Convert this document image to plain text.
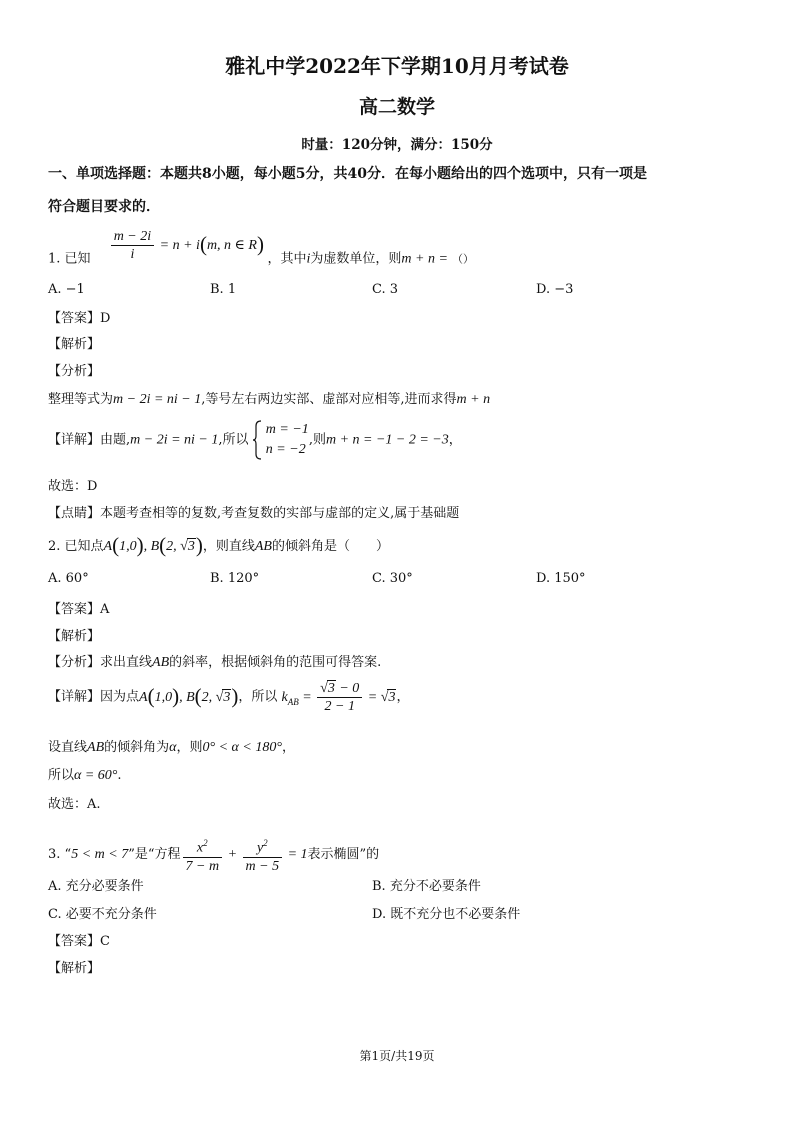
雅礼中学2022年下学期10月月考试卷
高二数学
时量：120分钟，满分：150分
一、单项选择题：本题共8小题，每小题5分，共40分．在每小题给出的四个选项中，只有一项是
符合题目要求的．
1. 已知 $\frac{m - 2i}{i} = n + i(m$, n ∈ R) ，其中i为虚数单位，则m + n = $_{()}$
A. −1	B. 1	C. 3	D. −3
【答案】D
【解析】
【分析】
整理等式为m − 2i = ni − 1,等号左右两边实部、虚部对应相等,进而求得m + n
【详解】由题,m − 2i = ni − 1,所以  m = −1
n = −2,则m + n = −1 − 2 = −3，
故选：D
【点睛】本题考查相等的复数,考查复数的实部与虚部的定义,属于基础题
2. 已知点A(1,0), B(2, √3)，则直线AB的倾斜角是（　　）
A. 60°	B. 120°	C. 30°	D. 150°
【答案】A
【解析】
【分析】求出直线AB的斜率，根据倾斜角的范围可得答案.
【详解】因为点A(1,0), B(2, √3)，所以 $k_{AB} = \frac{√3 - 0}{2 - 1} = √3$，
设直线AB的倾斜角为α，则0° < α < 180°，
所以α = 60°.
故选：A.
3. “5 < m < 7”是“方程 $\frac{x^2}{7 - m} + \frac{y^2}{m - 5} = 1$表示椭圆”的
A. 充分必要条件	B. 充分不必要条件
C. 必要不充分条件	D. 既不充分也不必要条件
【答案】C
【解析】
第1页/共19页
